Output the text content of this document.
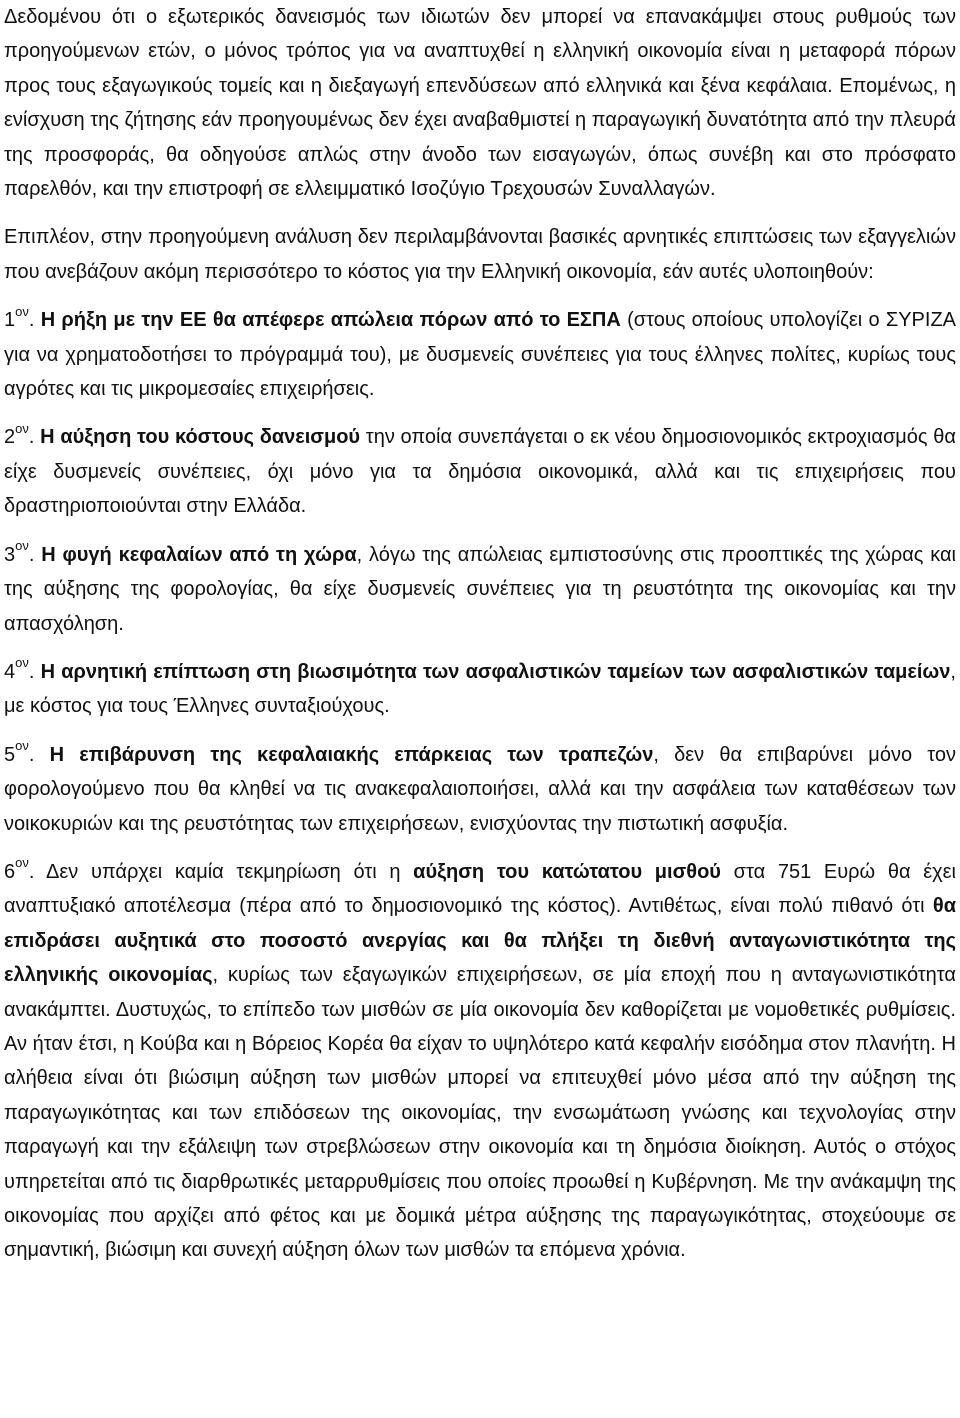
Δεδομένου ότι ο εξωτερικός δανεισμός των ιδιωτών δεν μπορεί να επανακάμψει στους ρυθμούς των προηγούμενων ετών, ο μόνος τρόπος για να αναπτυχθεί η ελληνική οικονομία είναι η μεταφορά πόρων προς τους εξαγωγικούς τομείς και η διεξαγωγή επενδύσεων από ελληνικά και ξένα κεφάλαια. Επομένως, η ενίσχυση της ζήτησης εάν προηγουμένως δεν έχει αναβαθμιστεί η παραγωγική δυνατότητα από την πλευρά της προσφοράς, θα οδηγούσε απλώς στην άνοδο των εισαγωγών, όπως συνέβη και στο πρόσφατο παρελθόν, και την επιστροφή σε ελλειμματικό Ισοζύγιο Τρεχουσών Συναλλαγών.

Επιπλέον, στην προηγούμενη ανάλυση δεν περιλαμβάνονται βασικές αρνητικές επιπτώσεις των εξαγγελιών που ανεβάζουν ακόμη περισσότερο το κόστος για την Ελληνική οικονομία, εάν αυτές υλοποιηθούν:

$1^{o\nu}$. Η ρήξη με την ΕΕ θα απέφερε απώλεια πόρων από το ΕΣΠΑ (στους οποίους υπολογίζει ο ΣΥΡΙΖΑ για να χρηματοδοτήσει το πρόγραμμά του), με δυσμενείς συνέπειες για τους έλληνες πολίτες, κυρίως τους αγρότες και τις μικρομεσαίες επιχειρήσεις.

$2^{o\nu}$. Η αύξηση του κόστους δανεισμού την οποία συνεπάγεται ο εκ νέου δημοσιονομικός εκτροχιασμός θα είχε δυσμενείς συνέπειες, όχι μόνο για τα δημόσια οικονομικά, αλλά και τις επιχειρήσεις που δραστηριοποιούνται στην Ελλάδα.

$3^{o\nu}$. Η φυγή κεφαλαίων από τη χώρα, λόγω της απώλειας εμπιστοσύνης στις προοπτικές της χώρας και της αύξησης της φορολογίας, θα είχε δυσμενείς συνέπειες για τη ρευστότητα της οικονομίας και την απασχόληση.

$4^{o\nu}$. Η αρνητική επίπτωση στη βιωσιμότητα των ασφαλιστικών ταμείων των ασφαλιστικών ταμείων, με κόστος για τους Έλληνες συνταξιούχους.

$5^{o\nu}$. Η επιβάρυνση της κεφαλαιακής επάρκειας των τραπεζών, δεν θα επιβαρύνει μόνο τον φορολογούμενο που θα κληθεί να τις ανακεφαλαιοποιήσει, αλλά και την ασφάλεια των καταθέσεων των νοικοκυριών και της ρευστότητας των επιχειρήσεων, ενισχύοντας την πιστωτική ασφυξία.

$6^{o\nu}$. Δεν υπάρχει καμία τεκμηρίωση ότι η αύξηση του κατώτατου μισθού στα 751 Ευρώ θα έχει αναπτυξιακό αποτέλεσμα (πέρα από το δημοσιονομικό της κόστος). Αντιθέτως, είναι πολύ πιθανό ότι θα επιδράσει αυξητικά στο ποσοστό ανεργίας και θα πλήξει τη διεθνή ανταγωνιστικότητα της ελληνικής οικονομίας, κυρίως των εξαγωγικών επιχειρήσεων, σε μία εποχή που η ανταγωνιστικότητα ανακάμπτει. Δυστυχώς, το επίπεδο των μισθών σε μία οικονομία δεν καθορίζεται με νομοθετικές ρυθμίσεις. Αν ήταν έτσι, η Κούβα και η Βόρειος Κορέα θα είχαν το υψηλότερο κατά κεφαλήν εισόδημα στον πλανήτη. Η αλήθεια είναι ότι βιώσιμη αύξηση των μισθών μπορεί να επιτευχθεί μόνο μέσα από την αύξηση της παραγωγικότητας και των επιδόσεων της οικονομίας, την ενσωμάτωση γνώσης και τεχνολογίας στην παραγωγή και την εξάλειψη των στρεβλώσεων στην οικονομία και τη δημόσια διοίκηση. Αυτός ο στόχος υπηρετείται από τις διαρθρωτικές μεταρρυθμίσεις που οποίες προωθεί η Κυβέρνηση. Με την ανάκαμψη της οικονομίας που αρχίζει από φέτος και με δομικά μέτρα αύξησης της παραγωγικότητας, στοχεύουμε σε σημαντική, βιώσιμη και συνεχή αύξηση όλων των μισθών τα επόμενα χρόνια.
